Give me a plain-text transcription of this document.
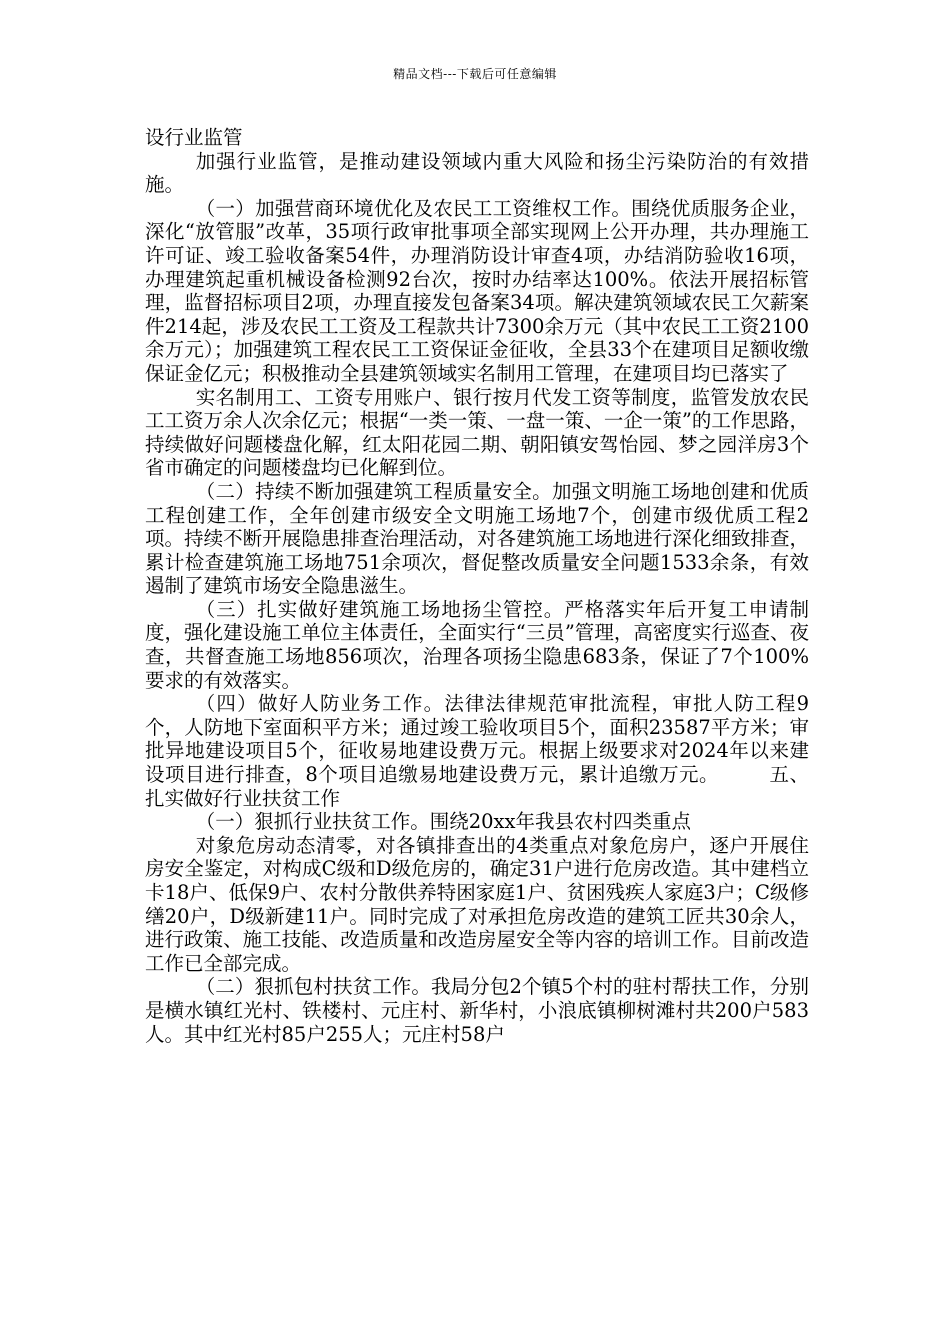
精品文档---下载后可任意编辑

设行业监管

加强行业监管，是推动建设领域内重大风险和扬尘污染防治的有效措施。

（一）加强营商环境优化及农民工工资维权工作。围绕优质服务企业，深化“放管服”改革，35项行政审批事项全部实现网上公开办理，共办理施工许可证、竣工验收备案54件，办理消防设计审查4项，办结消防验收16项，办理建筑起重机械设备检测92台次，按时办结率达100%。依法开展招标管理，监督招标项目2项，办理直接发包备案34项。解决建筑领域农民工欠薪案件214起，涉及农民工工资及工程款共计7300余万元（其中农民工工资2100余万元）；加强建筑工程农民工工资保证金征收，全县33个在建项目足额收缴保证金亿元；积极推动全县建筑领域实名制用工管理，在建项目均已落实了

实名制用工、工资专用账户、银行按月代发工资等制度，监管发放农民工工资万余人次余亿元；根据“一类一策、一盘一策、一企一策”的工作思路，持续做好问题楼盘化解，红太阳花园二期、朝阳镇安驾怡园、梦之园洋房3个省市确定的问题楼盘均已化解到位。

（二）持续不断加强建筑工程质量安全。加强文明施工场地创建和优质工程创建工作，全年创建市级安全文明施工场地7个，创建市级优质工程2项。持续不断开展隐患排查治理活动，对各建筑施工场地进行深化细致排查，累计检查建筑施工场地751余项次，督促整改质量安全问题1533余条，有效遏制了建筑市场安全隐患滋生。

（三）扎实做好建筑施工场地扬尘管控。严格落实年后开复工申请制度，强化建设施工单位主体责任，全面实行“三员”管理，高密度实行巡查、夜查，共督查施工场地856项次，治理各项扬尘隐患683条，保证了7个100%要求的有效落实。

（四）做好人防业务工作。法律法律规范审批流程，审批人防工程9个，人防地下室面积平方米；通过竣工验收项目5个，面积23587平方米；审批异地建设项目5个，征收易地建设费万元。根据上级要求对2024年以来建设项目进行排查，8个项目追缴易地建设费万元，累计追缴万元。　　　五、扎实做好行业扶贫工作

（一）狠抓行业扶贫工作。围绕20xx年我县农村四类重点

对象危房动态清零，对各镇排查出的4类重点对象危房户，逐户开展住房安全鉴定，对构成C级和D级危房的，确定31户进行危房改造。其中建档立卡18户、低保9户、农村分散供养特困家庭1户、贫困残疾人家庭3户；C级修缮20户，D级新建11户。同时完成了对承担危房改造的建筑工匠共30余人，进行政策、施工技能、改造质量和改造房屋安全等内容的培训工作。目前改造工作已全部完成。

（二）狠抓包村扶贫工作。我局分包2个镇5个村的驻村帮扶工作，分别是横水镇红光村、铁楼村、元庄村、新华村，小浪底镇柳树滩村共200户583人。其中红光村85户255人；元庄村58户
